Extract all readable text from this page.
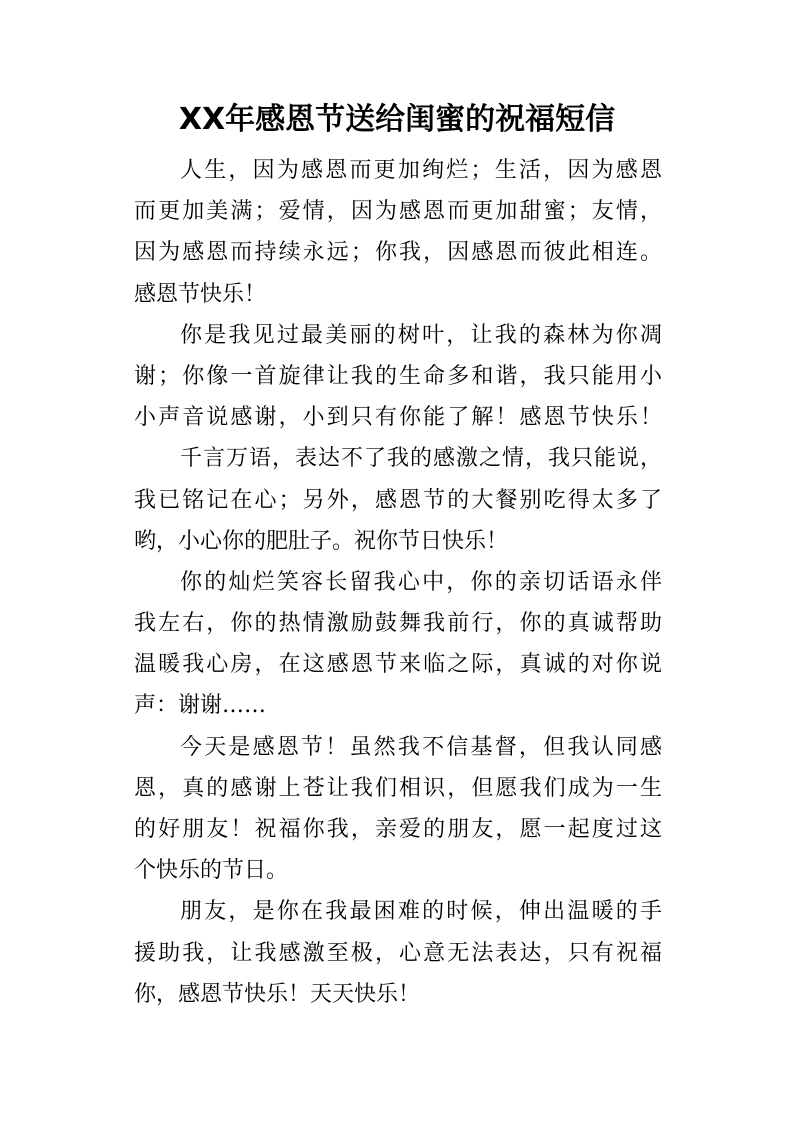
XX年感恩节送给闺蜜的祝福短信

人生，因为感恩而更加绚烂；生活，因为感恩
而更加美满；爱情，因为感恩而更加甜蜜；友情，
因为感恩而持续永远；你我，因感恩而彼此相连。
感恩节快乐！

你是我见过最美丽的树叶，让我的森林为你凋
谢；你像一首旋律让我的生命多和谐，我只能用小
小声音说感谢，小到只有你能了解！感恩节快乐！

千言万语，表达不了我的感激之情，我只能说，
我已铭记在心；另外，感恩节的大餐别吃得太多了
哟，小心你的肥肚子。祝你节日快乐！

你的灿烂笑容长留我心中，你的亲切话语永伴
我左右，你的热情激励鼓舞我前行，你的真诚帮助
温暖我心房，在这感恩节来临之际，真诚的对你说
声：谢谢……

今天是感恩节！虽然我不信基督，但我认同感
恩，真的感谢上苍让我们相识，但愿我们成为一生
的好朋友！祝福你我，亲爱的朋友，愿一起度过这
个快乐的节日。

朋友，是你在我最困难的时候，伸出温暖的手
援助我，让我感激至极，心意无法表达，只有祝福
你，感恩节快乐！天天快乐！
